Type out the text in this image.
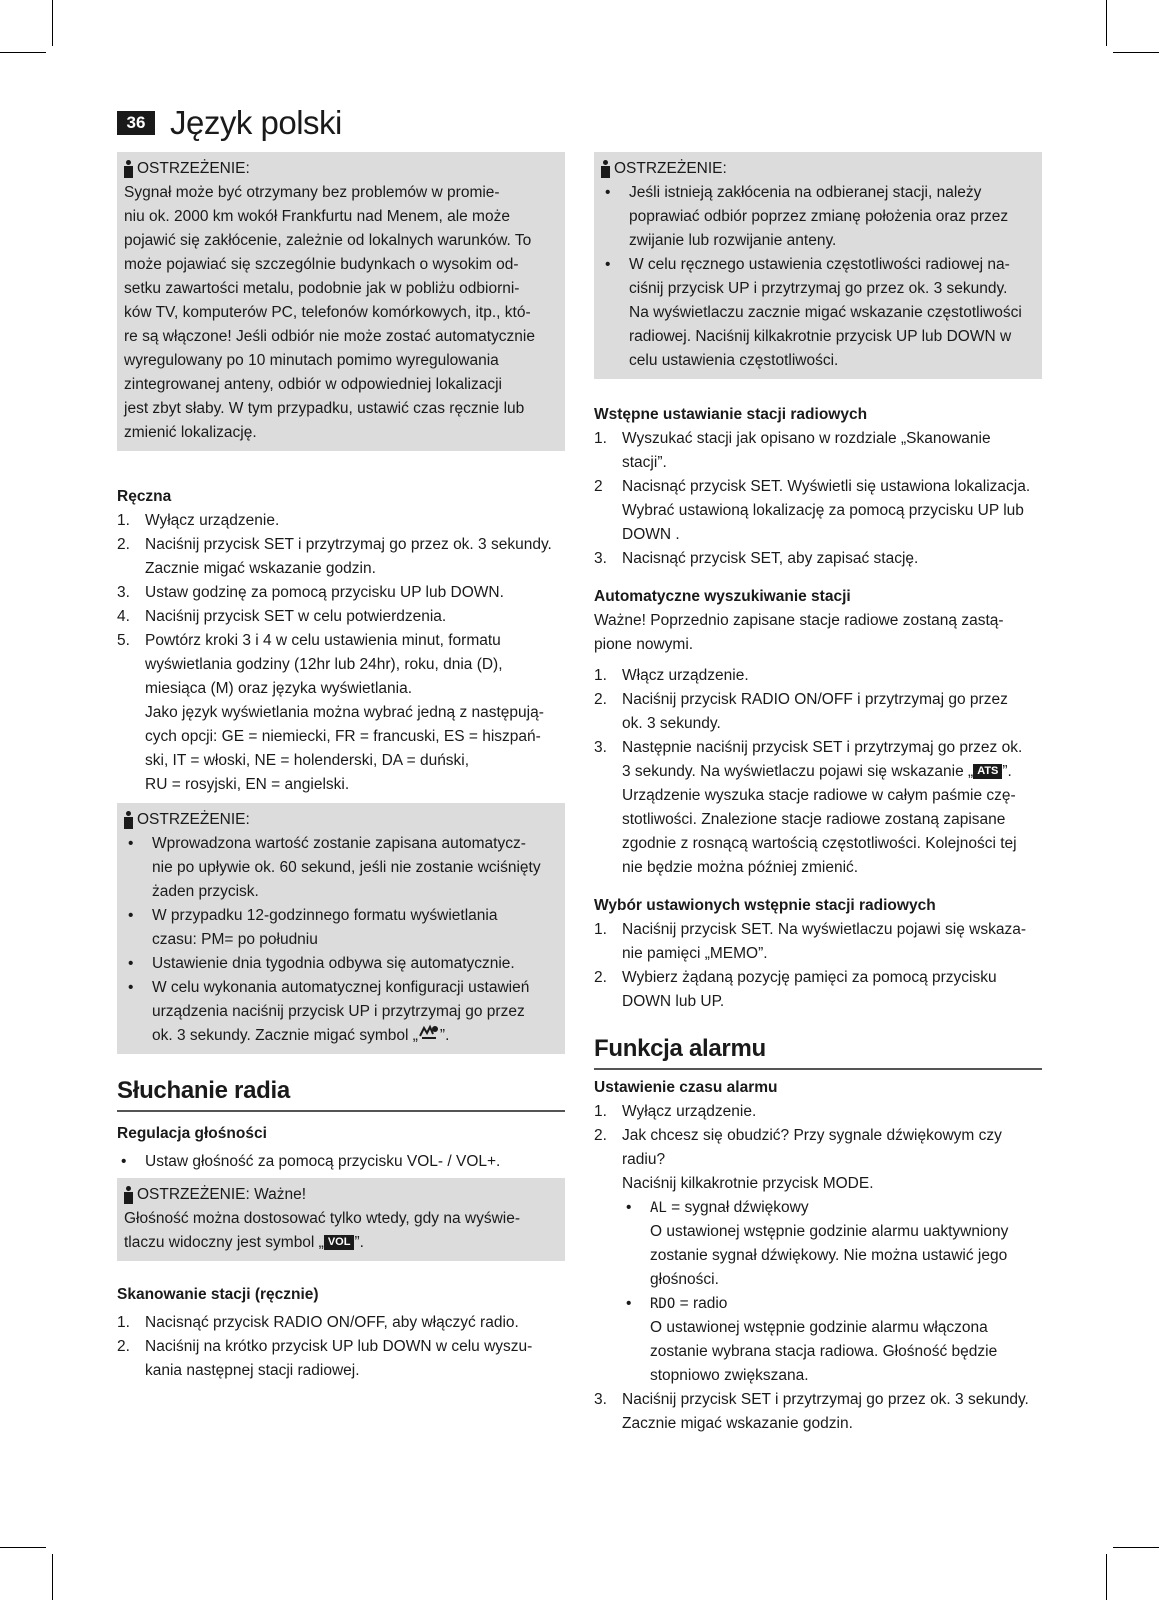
36 Język polski
OSTRZEŻENIE:

Sygnał może być otrzymany bez problemów w promie-

niu ok. 2000 km wokół Frankfurtu nad Menem, ale może

pojawić się zakłócenie, zależnie od lokalnych warunków. To

może pojawiać się szczególnie budynkach o wysokim od-

setku zawartości metalu, podobnie jak w pobliżu odbiorni-

ków TV, komputerów PC, telefonów komórkowych, itp., któ-

re są włączone! Jeśli odbiór nie może zostać automatycznie

wyregulowany po 10 minutach pomimo wyregulowania

zintegrowanej anteny, odbiór w odpowiedniej lokalizacji

jest zbyt słaby. W tym przypadku, ustawić czas ręcznie lub

zmienić lokalizację.

Ręczna

1. Wyłącz urządzenie.

2. Naciśnij przycisk SET i przytrzymaj go przez ok. 3 sekundy.

Zacznie migać wskazanie godzin.

3. Ustaw godzinę za pomocą przycisku UP lub DOWN.

4. Naciśnij przycisk SET w celu potwierdzenia.

5. Powtórz kroki 3 i 4 w celu ustawienia minut, formatu

wyświetlania godziny (12hr lub 24hr), roku, dnia (D),

miesiąca (M) oraz języka wyświetlania.

Jako język wyświetlania można wybrać jedną z następują-

cych opcji: GE = niemiecki, FR = francuski, ES = hiszpań-

ski, IT = włoski, NE = holenderski, DA = duński,

RU = rosyjski, EN = angielski.

OSTRZEŻENIE:
•	Wprowadzona wartość zostanie zapisana automatycz-

nie po upływie ok. 60 sekund, jeśli nie zostanie wciśnięty

żaden przycisk.

•	W przypadku 12-godzinnego formatu wyświetlania

czasu: PM= po południu

•	Ustawienie dnia tygodnia odbywa się automatycznie.

•	W celu wykonania automatycznej konfiguracji ustawień

urządzenia naciśnij przycisk UP i przytrzymaj go przez

ok. 3 sekundy. Zacznie migać symbol „ ”.

Słuchanie radia

Regulacja głośności

•	Ustaw głośność za pomocą przycisku VOL- / VOL+.
OSTRZEŻENIE: Ważne!

Głośność można dostosować tylko wtedy, gdy na wyświe-

tlaczu widoczny jest symbol „ VOL ”.

Skanowanie stacji (ręcznie)

1. Nacisnąć przycisk RADIO ON/OFF, aby włączyć radio.
2. Naciśnij na krótko przycisk UP lub DOWN w celu wyszu-

kania następnej stacji radiowej.

OSTRZEŻENIE:
•	Jeśli istnieją zakłócenia na odbieranej stacji, należy

poprawiać odbiór poprzez zmianę położenia oraz przez

zwijanie lub rozwijanie anteny.

•	W celu ręcznego ustawienia częstotliwości radiowej na-

ciśnij przycisk UP i przytrzymaj go przez ok. 3 sekundy.

Na wyświetlaczu zacznie migać wskazanie częstotliwości

radiowej. Naciśnij kilkakrotnie przycisk UP lub DOWN w

celu ustawienia częstotliwości.

Wstępne ustawianie stacji radiowych

1. Wyszukać stacji jak opisano w rozdziale „Skanowanie

stacji”.

2	Nacisnąć przycisk SET. Wyświetli się ustawiona lokalizacja.

Wybrać ustawioną lokalizację za pomocą przycisku UP lub

DOWN .

3. Nacisnąć przycisk SET, aby zapisać stację.

Automatyczne wyszukiwanie stacji

Ważne! Poprzednio zapisane stacje radiowe zostaną zastą-

pione nowymi.

1. Włącz urządzenie.
2. Naciśnij przycisk RADIO ON/OFF i przytrzymaj go przez

ok. 3 sekundy.

3. Następnie naciśnij przycisk SET i przytrzymaj go przez ok.

3 sekundy. Na wyświetlaczu pojawi się wskazanie „ ATS ”.

Urządzenie wyszuka stacje radiowe w całym paśmie czę-

stotliwości. Znalezione stacje radiowe zostaną zapisane

zgodnie z rosnącą wartością częstotliwości. Kolejności tej

nie będzie można później zmienić.

Wybór ustawionych wstępnie stacji radiowych

1. Naciśnij przycisk SET. Na wyświetlaczu pojawi się wskaza-

nie pamięci „MEMO”.

2. Wybierz żądaną pozycję pamięci za pomocą przycisku

DOWN lub UP.

Funkcja alarmu

Ustawienie czasu alarmu

1. Wyłącz urządzenie.
2. Jak chcesz się obudzić? Przy sygnale dźwiękowym czy

radiu?

Naciśnij kilkakrotnie przycisk MODE.

•	AL = sygnał dźwiękowy

O ustawionej wstępnie godzinie alarmu uaktywniony

zostanie sygnał dźwiękowy. Nie można ustawić jego

głośności.

•	RDO = radio

O ustawionej wstępnie godzinie alarmu włączona

zostanie wybrana stacja radiowa. Głośność będzie

stopniowo zwiększana.

3. Naciśnij przycisk SET i przytrzymaj go przez ok. 3 sekundy.

Zacznie migać wskazanie godzin.
